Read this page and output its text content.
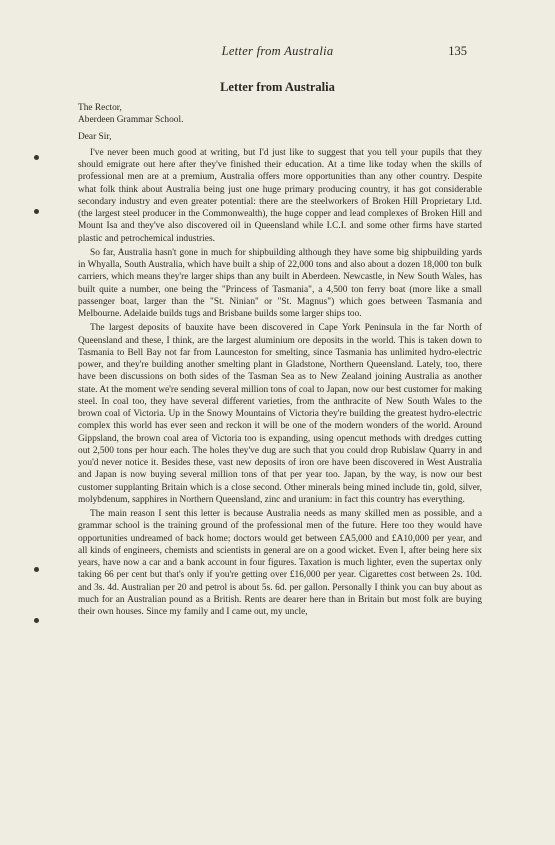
Letter from Australia	135
Letter from Australia

The Rector,

Aberdeen Grammar School.

Dear Sir,

I've never been much good at writing, but I'd just like to suggest that you tell your pupils that they should emigrate out here after they've finished their education. At a time like today when the skills of professional men are at a premium, Australia offers more opportunities than any other country. Despite what folk think about Australia being just one huge primary producing country, it has got considerable secondary industry and even greater potential: there are the steelworkers of Broken Hill Proprietary Ltd. (the largest steel producer in the Commonwealth), the huge copper and lead complexes of Broken Hill and Mount Isa and they've also discovered oil in Queensland while I.C.I. and some other firms have started plastic and petrochemical industries.

So far, Australia hasn't gone in much for shipbuilding although they have some big shipbuilding yards in Whyalla, South Australia, which have built a ship of 22,000 tons and also about a dozen 18,000 ton bulk carriers, which means they're larger ships than any built in Aberdeen. Newcastle, in New South Wales, has built quite a number, one being the "Princess of Tasmania", a 4,500 ton ferry boat (more like a small passenger boat, larger than the "St. Ninian" or "St. Magnus") which goes between Tasmania and Melbourne. Adelaide builds tugs and Brisbane builds some larger ships too.

The largest deposits of bauxite have been discovered in Cape York Peninsula in the far North of Queensland and these, I think, are the largest aluminium ore deposits in the world. This is taken down to Tasmania to Bell Bay not far from Launceston for smelting, since Tasmania has unlimited hydro-electric power, and they're building another smelting plant in Gladstone, Northern Queensland. Lately, too, there have been discussions on both sides of the Tasman Sea as to New Zealand joining Australia as another state. At the moment we're sending several million tons of coal to Japan, now our best customer for making steel. In coal too, they have several different varieties, from the anthracite of New South Wales to the brown coal of Victoria. Up in the Snowy Mountains of Victoria they're building the greatest hydro-electric complex this world has ever seen and reckon it will be one of the modern wonders of the world. Around Gippsland, the brown coal area of Victoria too is expanding, using opencut methods with dredges cutting out 2,500 tons per hour each. The holes they've dug are such that you could drop Rubislaw Quarry in and you'd never notice it. Besides these, vast new deposits of iron ore have been discovered in West Australia and Japan is now buying several million tons of that per year too. Japan, by the way, is now our best customer supplanting Britain which is a close second. Other minerals being mined include tin, gold, silver, molybdenum, sapphires in Northern Queensland, zinc and uranium: in fact this country has everything.

The main reason I sent this letter is because Australia needs as many skilled men as possible, and a grammar school is the training ground of the professional men of the future. Here too they would have opportunities undreamed of back home; doctors would get between £A5,000 and £A10,000 per year, and all kinds of engineers, chemists and scientists in general are on a good wicket. Even I, after being here six years, have now a car and a bank account in four figures. Taxation is much lighter, even the supertax only taking 66 per cent but that's only if you're getting over £16,000 per year. Cigarettes cost between 2s. 10d. and 3s. 4d. Australian per 20 and petrol is about 5s. 6d. per gallon. Personally I think you can buy about as much for an Australian pound as a British. Rents are dearer here than in Britain but most folk are buying their own houses. Since my family and I came out, my uncle,
